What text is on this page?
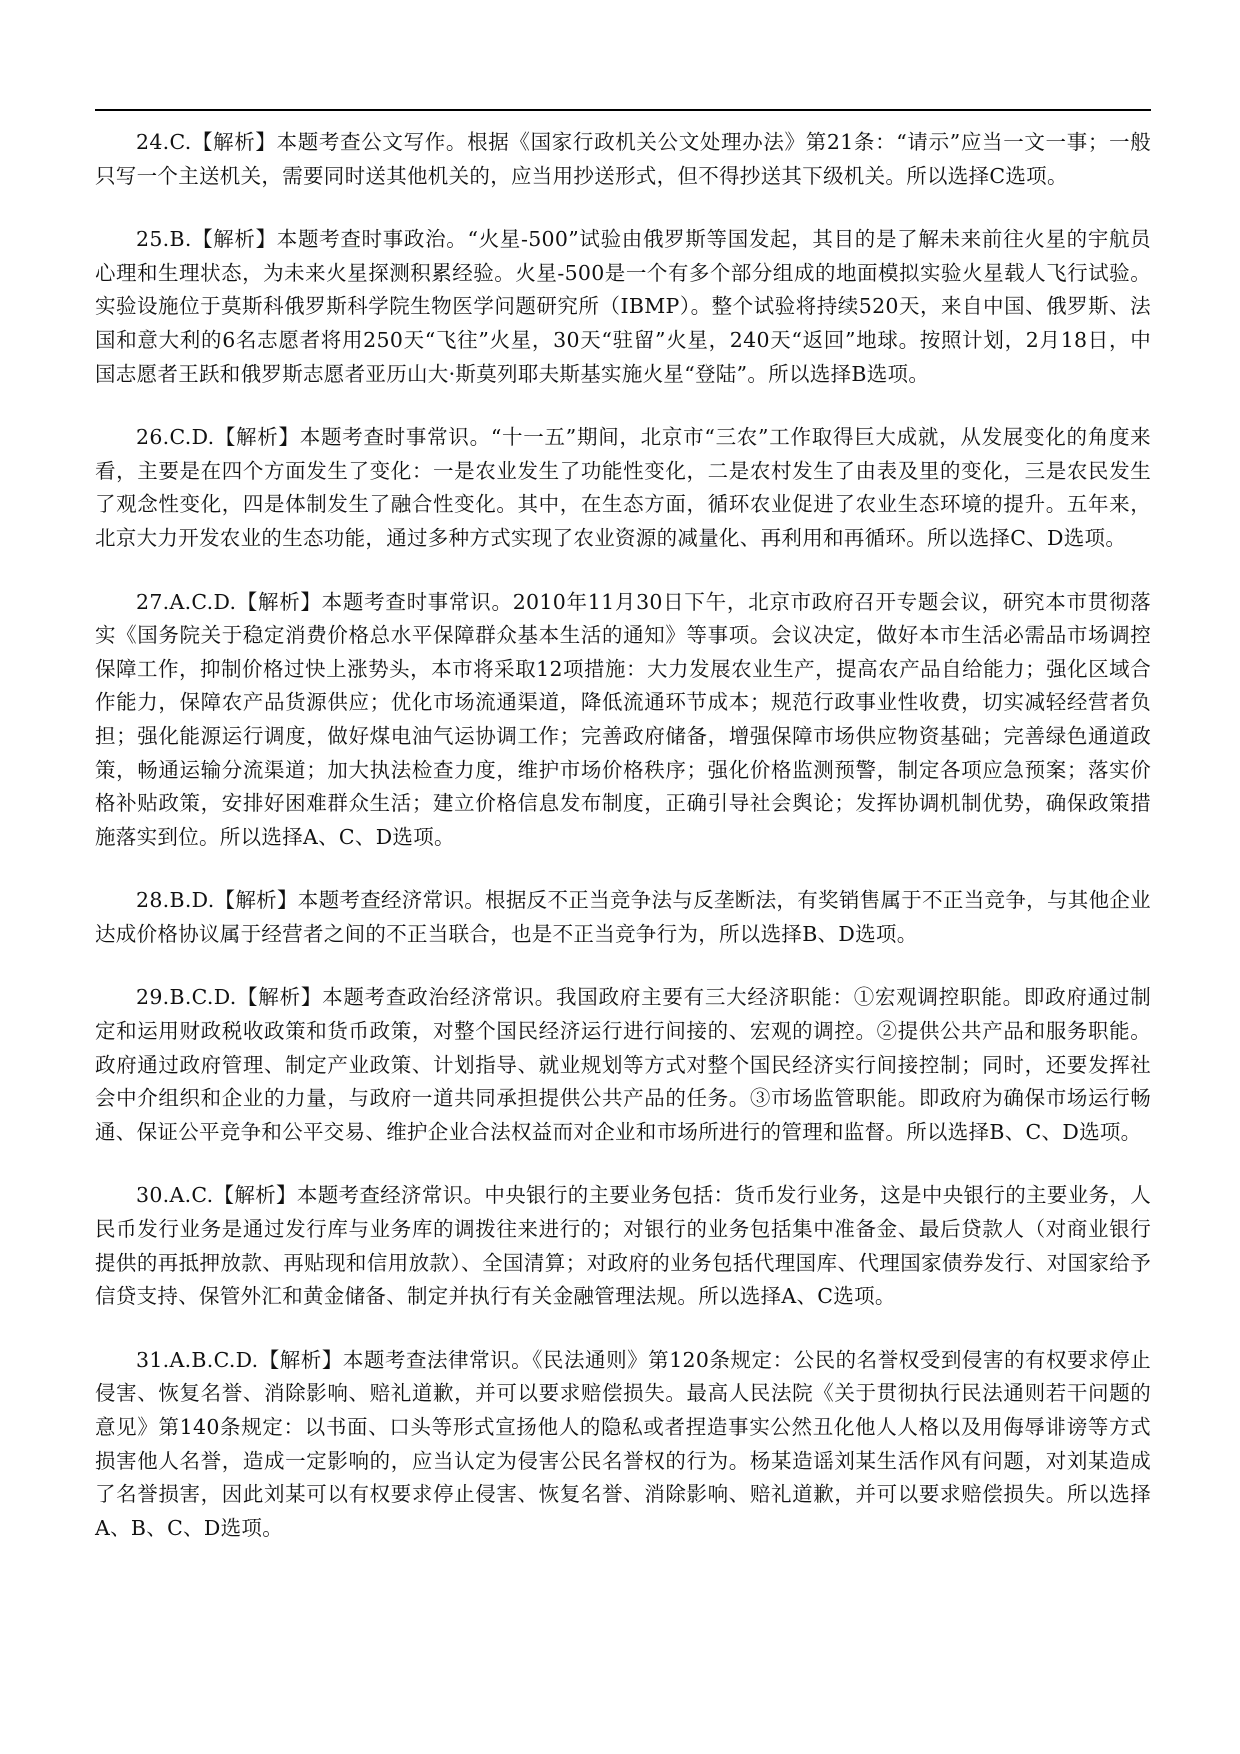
24.C.【解析】本题考查公文写作。根据《国家行政机关公文处理办法》第21条：“请示”应当一文一事；一般只写一个主送机关，需要同时送其他机关的，应当用抄送形式，但不得抄送其下级机关。所以选择C选项。

25.B.【解析】本题考查时事政治。“火星-500”试验由俄罗斯等国发起，其目的是了解未来前往火星的宇航员心理和生理状态，为未来火星探测积累经验。火星-500是一个有多个部分组成的地面模拟实验火星载人飞行试验。实验设施位于莫斯科俄罗斯科学院生物医学问题研究所（IBMP）。整个试验将持续520天，来自中国、俄罗斯、法国和意大利的6名志愿者将用250天“飞往”火星，30天“驻留”火星，240天“返回”地球。按照计划，2月18日，中国志愿者王跃和俄罗斯志愿者亚历山大·斯莫列耶夫斯基实施火星“登陆”。所以选择B选项。

26.C.D.【解析】本题考查时事常识。“十一五”期间，北京市“三农”工作取得巨大成就，从发展变化的角度来看，主要是在四个方面发生了变化：一是农业发生了功能性变化，二是农村发生了由表及里的变化，三是农民发生了观念性变化，四是体制发生了融合性变化。其中，在生态方面，循环农业促进了农业生态环境的提升。五年来，北京大力开发农业的生态功能，通过多种方式实现了农业资源的减量化、再利用和再循环。所以选择C、D选项。

27.A.C.D.【解析】本题考查时事常识。2010年11月30日下午，北京市政府召开专题会议，研究本市贯彻落实《国务院关于稳定消费价格总水平保障群众基本生活的通知》等事项。会议决定，做好本市生活必需品市场调控保障工作，抑制价格过快上涨势头，本市将采取12项措施：大力发展农业生产，提高农产品自给能力；强化区域合作能力，保障农产品货源供应；优化市场流通渠道，降低流通环节成本；规范行政事业性收费，切实减轻经营者负担；强化能源运行调度，做好煤电油气运协调工作；完善政府储备，增强保障市场供应物资基础；完善绿色通道政策，畅通运输分流渠道；加大执法检查力度，维护市场价格秩序；强化价格监测预警，制定各项应急预案；落实价格补贴政策，安排好困难群众生活；建立价格信息发布制度，正确引导社会舆论；发挥协调机制优势，确保政策措施落实到位。所以选择A、C、D选项。

28.B.D.【解析】本题考查经济常识。根据反不正当竞争法与反垄断法，有奖销售属于不正当竞争，与其他企业达成价格协议属于经营者之间的不正当联合，也是不正当竞争行为，所以选择B、D选项。

29.B.C.D.【解析】本题考查政治经济常识。我国政府主要有三大经济职能：①宏观调控职能。即政府通过制定和运用财政税收政策和货币政策，对整个国民经济运行进行间接的、宏观的调控。②提供公共产品和服务职能。政府通过政府管理、制定产业政策、计划指导、就业规划等方式对整个国民经济实行间接控制；同时，还要发挥社会中介组织和企业的力量，与政府一道共同承担提供公共产品的任务。③市场监管职能。即政府为确保市场运行畅通、保证公平竞争和公平交易、维护企业合法权益而对企业和市场所进行的管理和监督。所以选择B、C、D选项。

30.A.C.【解析】本题考查经济常识。中央银行的主要业务包括：货币发行业务，这是中央银行的主要业务，人民币发行业务是通过发行库与业务库的调拨往来进行的；对银行的业务包括集中准备金、最后贷款人（对商业银行提供的再抵押放款、再贴现和信用放款）、全国清算；对政府的业务包括代理国库、代理国家债券发行、对国家给予信贷支持、保管外汇和黄金储备、制定并执行有关金融管理法规。所以选择A、C选项。

31.A.B.C.D.【解析】本题考查法律常识。《民法通则》第120条规定：公民的名誉权受到侵害的有权要求停止侵害、恢复名誉、消除影响、赔礼道歉，并可以要求赔偿损失。最高人民法院《关于贯彻执行民法通则若干问题的意见》第140条规定：以书面、口头等形式宣扬他人的隐私或者捏造事实公然丑化他人人格以及用侮辱诽谤等方式损害他人名誉，造成一定影响的，应当认定为侵害公民名誉权的行为。杨某造谣刘某生活作风有问题，对刘某造成了名誉损害，因此刘某可以有权要求停止侵害、恢复名誉、消除影响、赔礼道歉，并可以要求赔偿损失。所以选择A、B、C、D选项。
